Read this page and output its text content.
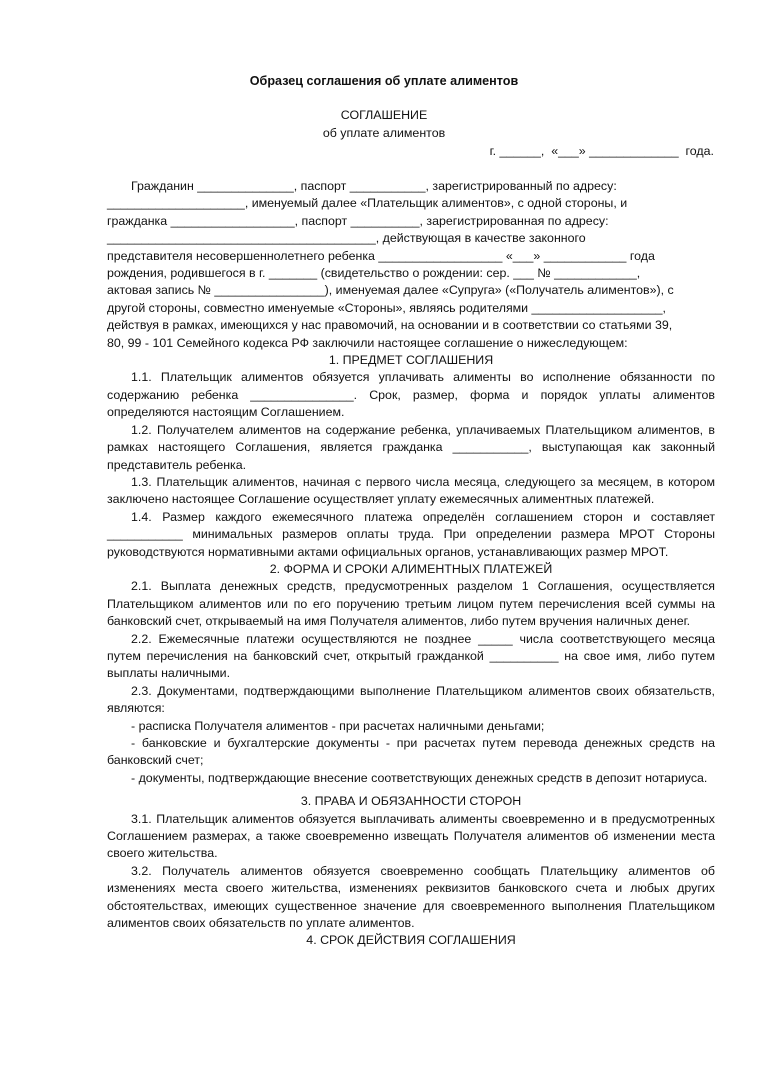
Образец соглашения об уплате алиментов
СОГЛАШЕНИЕ
об уплате алиментов
г. ______,  «___» _____________  года.
Гражданин ______________, паспорт ___________, зарегистрированный по адресу:
____________________, именуемый далее «Плательщик алиментов», с одной стороны, и
гражданка __________________, паспорт __________, зарегистрированная по адресу:
_______________________________________, действующая в качестве законного
представителя несовершеннолетнего ребенка __________________ «___» ____________ года
рождения, родившегося в г. _______ (свидетельство о рождении: сер. ___ № ____________,
актовая запись № ________________), именуемая далее «Супруга» («Получатель алиментов»), с
другой стороны, совместно именуемые «Стороны», являясь родителями ___________________,
действуя в рамках, имеющихся у нас правомочий, на основании и в соответствии со статьями 39,
80, 99 - 101 Семейного кодекса РФ заключили настоящее соглашение о нижеследующем:

1. ПРЕДМЕТ СОГЛАШЕНИЯ

1.1. Плательщик алиментов обязуется уплачивать алименты во исполнение обязанности по содержанию ребенка _______________. Срок, размер, форма и порядок уплаты алиментов определяются настоящим Соглашением.

1.2. Получателем алиментов на содержание ребенка, уплачиваемых Плательщиком алиментов, в рамках настоящего Соглашения, является гражданка ___________, выступающая как законный представитель ребенка.

1.3. Плательщик алиментов, начиная с первого числа месяца, следующего за месяцем, в котором заключено настоящее Соглашение осуществляет уплату ежемесячных алиментных платежей.

1.4. Размер каждого ежемесячного платежа определён соглашением сторон и составляет ___________ минимальных размеров оплаты труда. При определении размера МРОТ Стороны руководствуются нормативными актами официальных органов, устанавливающих размер МРОТ.

2. ФОРМА И СРОКИ АЛИМЕНТНЫХ ПЛАТЕЖЕЙ

2.1. Выплата денежных средств, предусмотренных разделом 1 Соглашения, осуществляется Плательщиком алиментов или по его поручению третьим лицом путем перечисления всей суммы на банковский счет, открываемый на имя Получателя алиментов, либо путем вручения наличных денег.

2.2. Ежемесячные платежи осуществляются не позднее _____ числа соответствующего месяца путем перечисления на банковский счет, открытый гражданкой __________ на свое имя, либо путем выплаты наличными.

2.3. Документами, подтверждающими выполнение Плательщиком алиментов своих обязательств, являются:

- расписка Получателя алиментов - при расчетах наличными деньгами;

- банковские и бухгалтерские документы - при расчетах путем перевода денежных средств на банковский счет;

- документы, подтверждающие внесение соответствующих денежных средств в депозит нотариуса.

3. ПРАВА И ОБЯЗАННОСТИ СТОРОН

3.1. Плательщик алиментов обязуется выплачивать алименты своевременно и в предусмотренных Соглашением размерах, а также своевременно извещать Получателя алиментов об изменении места своего жительства.

3.2. Получатель алиментов обязуется своевременно сообщать Плательщику алиментов об изменениях места своего жительства, изменениях реквизитов банковского счета и любых других обстоятельствах, имеющих существенное значение для своевременного выполнения Плательщиком алиментов своих обязательств по уплате алиментов.

4. СРОК ДЕЙСТВИЯ СОГЛАШЕНИЯ
